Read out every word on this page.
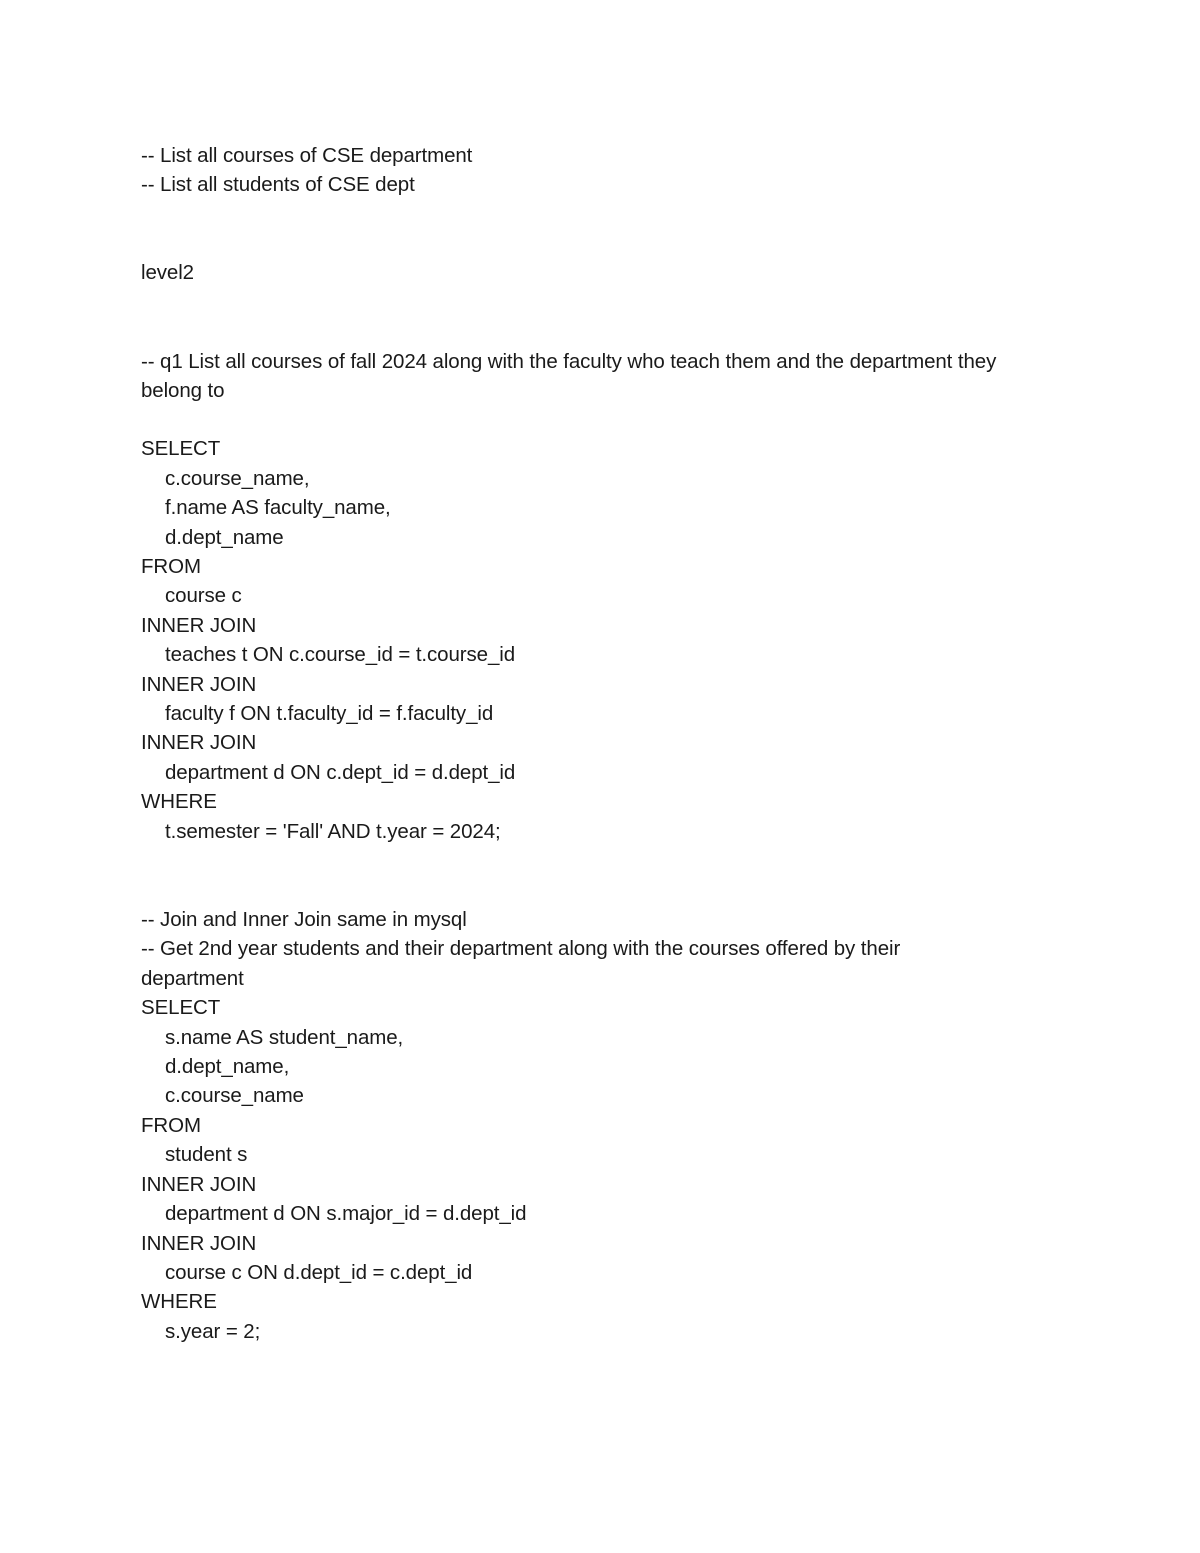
-- List all courses of CSE department
-- List all students of CSE dept
level2
-- q1 List all courses of fall 2024 along with the faculty who teach them and the department they
belong to
SELECT
c.course_name,
f.name AS faculty_name,
d.dept_name
FROM
course c
INNER JOIN
teaches t ON c.course_id = t.course_id
INNER JOIN
faculty f ON t.faculty_id = f.faculty_id
INNER JOIN
department d ON c.dept_id = d.dept_id
WHERE
t.semester = 'Fall' AND t.year = 2024;
-- Join and Inner Join same in mysql
-- Get 2nd year students and their department along with the courses offered by their
department
SELECT
s.name AS student_name,
d.dept_name,
c.course_name
FROM
student s
INNER JOIN
department d ON s.major_id = d.dept_id
INNER JOIN
course c ON d.dept_id = c.dept_id
WHERE
s.year = 2;
